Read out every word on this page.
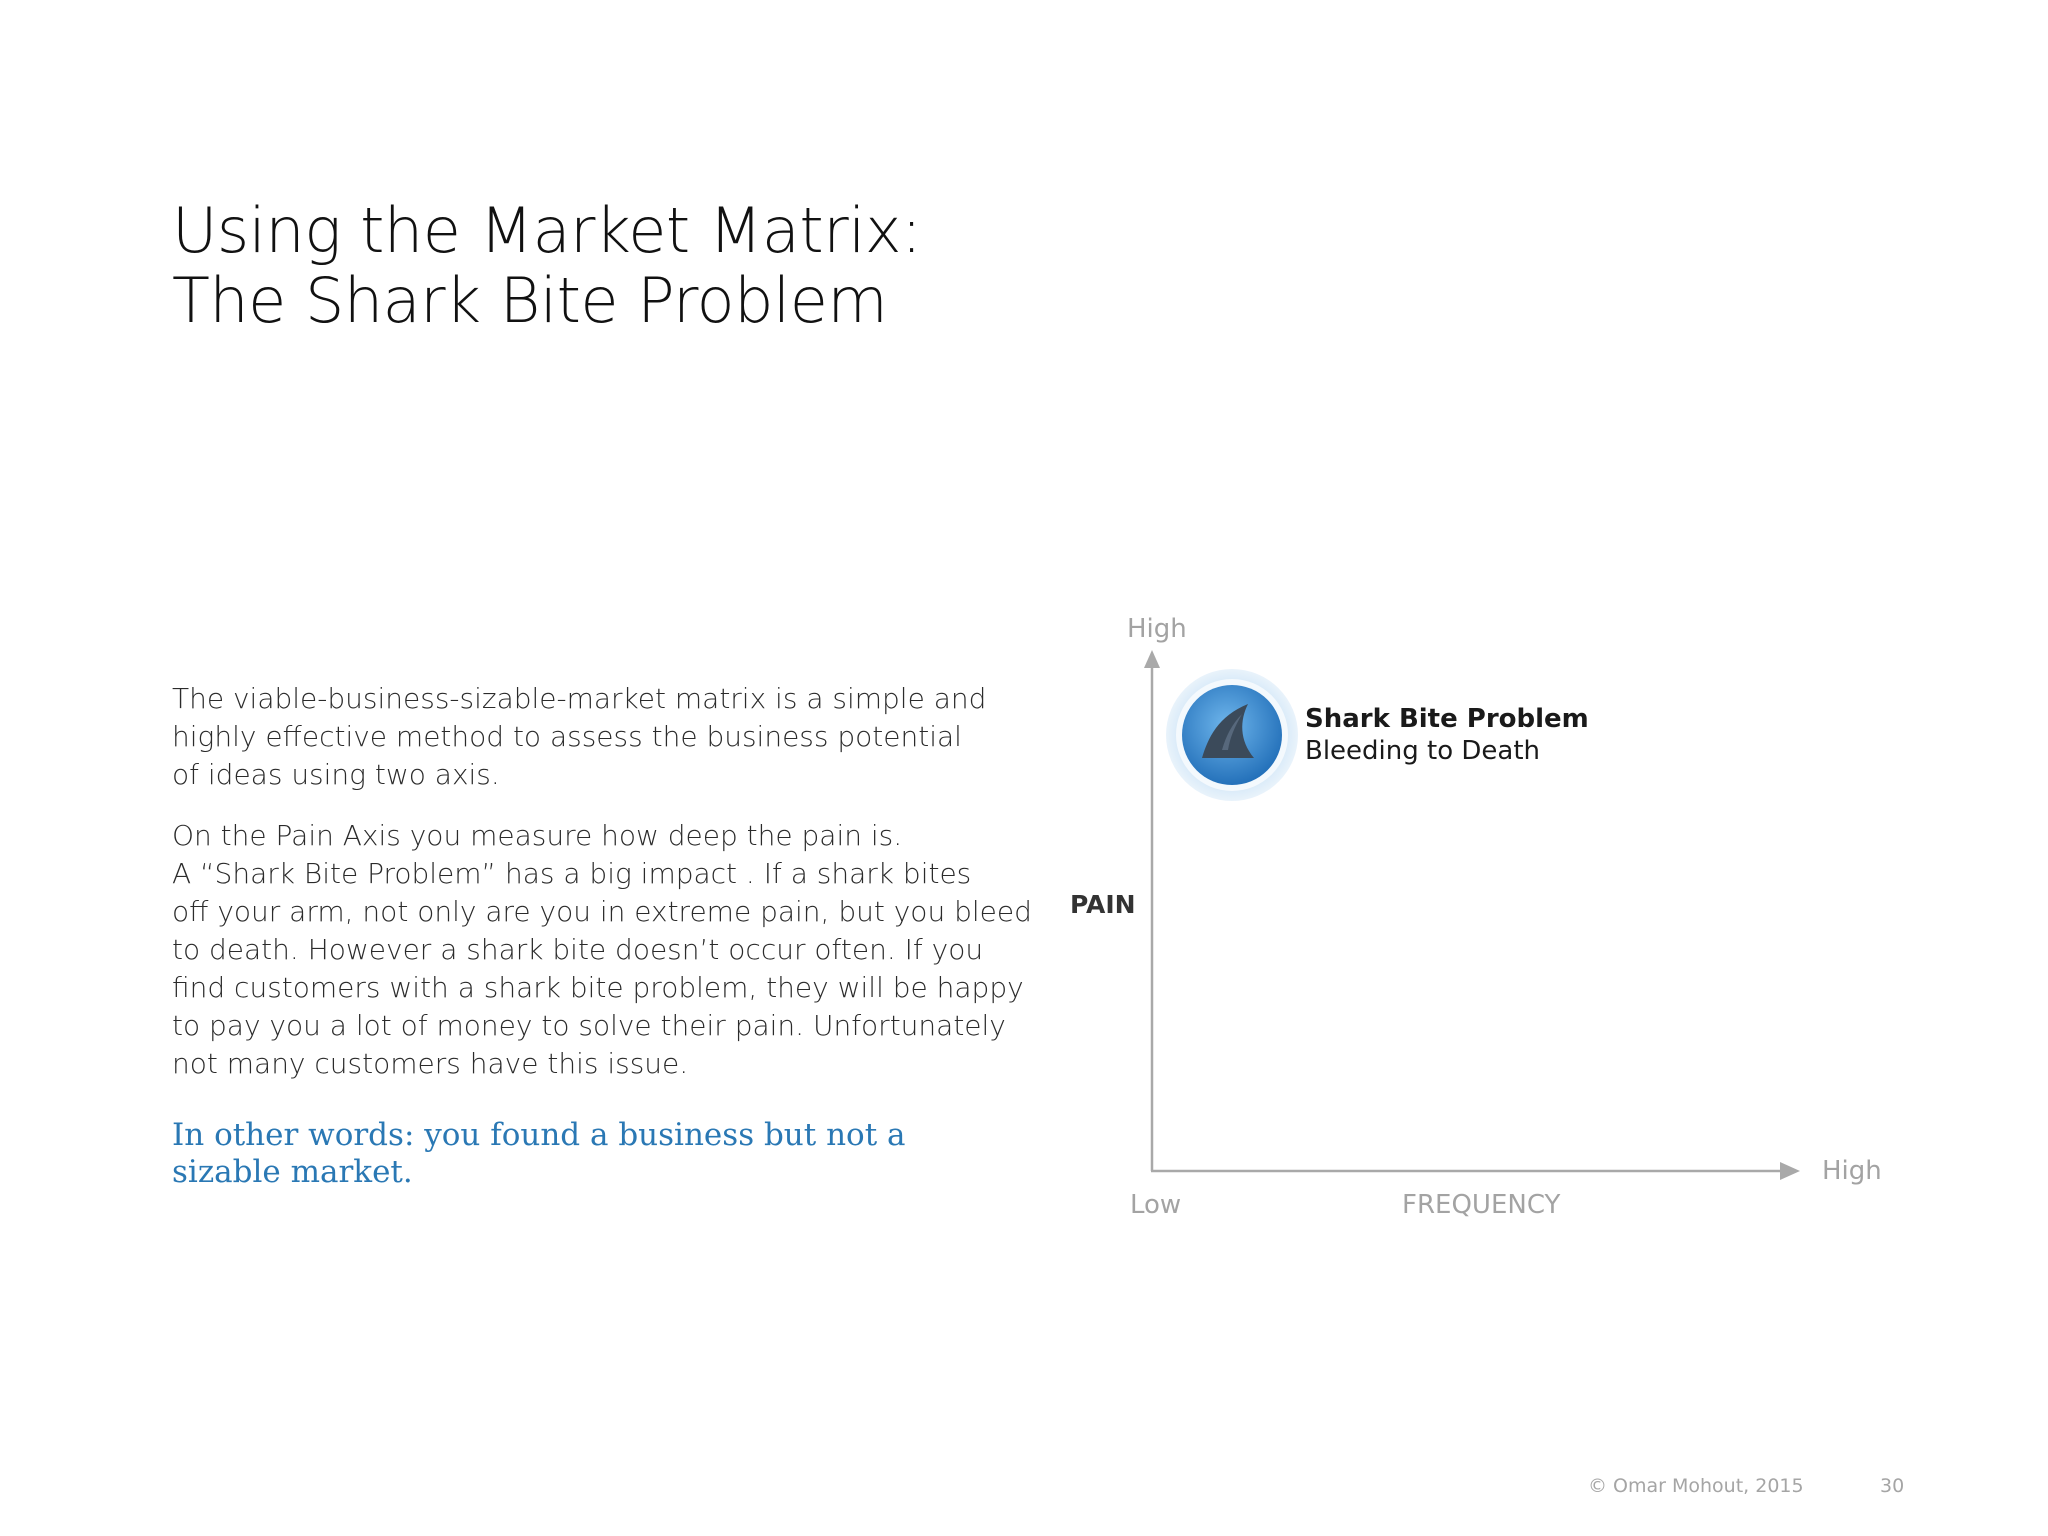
Using the Market Matrix:
The Shark Bite Problem

The viable-business-sizable-market matrix is a simple and
highly effective method to assess the business potential
of ideas using two axis.

On the Pain Axis you measure how deep the pain is.
A “Shark Bite Problem” has a big impact . If a shark bites
off your arm, not only are you in extreme pain, but you bleed
to death. However a shark bite doesn’t occur often. If you
find customers with a shark bite problem, they will be happy
to pay you a lot of money to solve their pain. Unfortunately
not many customers have this issue.

In other words: you found a business but not a
sizable market.
High
PAIN
Low	FREQUENCY
High
Shark Bite Problem
Bleeding to Death
© Omar Mohout, 2015	30
